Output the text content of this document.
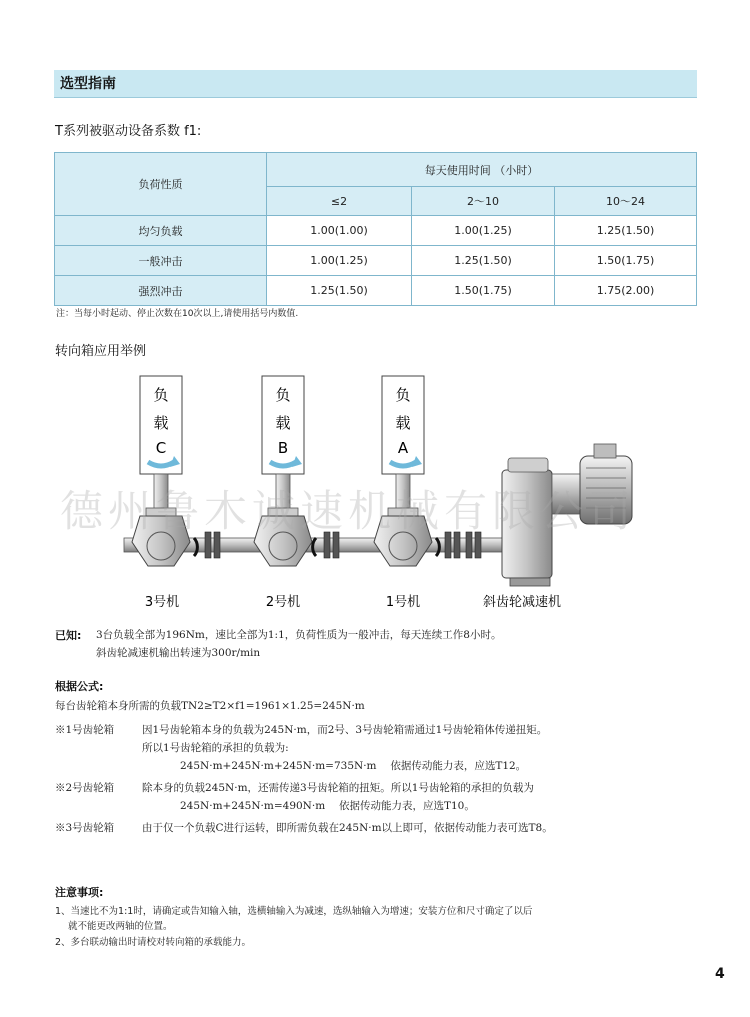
选型指南
T系列被驱动设备系数 f1:
负荷性质	每天使用时间 （小时）		
	≤2	2～10	10～24
均匀负载	1.00(1.00)	1.00(1.25)	1.25(1.50)
一般冲击	1.00(1.25)	1.25(1.50)	1.50(1.75)
强烈冲击	1.25(1.50)	1.50(1.75)	1.75(2.00)
注：当每小时起动、停止次数在10次以上,请使用括号内数值.
转向箱应用举例
负
载
C
负
载
B
负
载
A
3号机	2号机	1号机	斜齿轮减速机
德州鲁木诚速机械有限公司
已知: 3台负载全部为196Nm，速比全部为1:1，负荷性质为一般冲击，每天连续工作8小时。
斜齿轮减速机输出转速为300r/min
根据公式:
每台齿轮箱本身所需的负载TN2≥T2×f1=1961×1.25=245N·m
※1号齿轮箱	因1号齿轮箱本身的负载为245N·m，而2号、3号齿轮箱需通过1号齿轮箱体传递扭矩。
所以1号齿轮箱的承担的负载为:
245N·m+245N·m+245N·m=735N·m　 依据传动能力表，应选T12。
※2号齿轮箱	除本身的负载245N·m，还需传递3号齿轮箱的扭矩。所以1号齿轮箱的承担的负载为
245N·m+245N·m=490N·m　 依据传动能力表，应选T10。
※3号齿轮箱	由于仅一个负载C进行运转，即所需负载在245N·m以上即可，依据传动能力表可选T8。
注意事项:
1、当速比不为1:1时，请确定或告知输入轴，选横轴输入为减速，选纵轴输入为增速；安装方位和尺寸确定了以后
就不能更改两轴的位置。
2、多台联动输出时请校对转向箱的承载能力。
4
